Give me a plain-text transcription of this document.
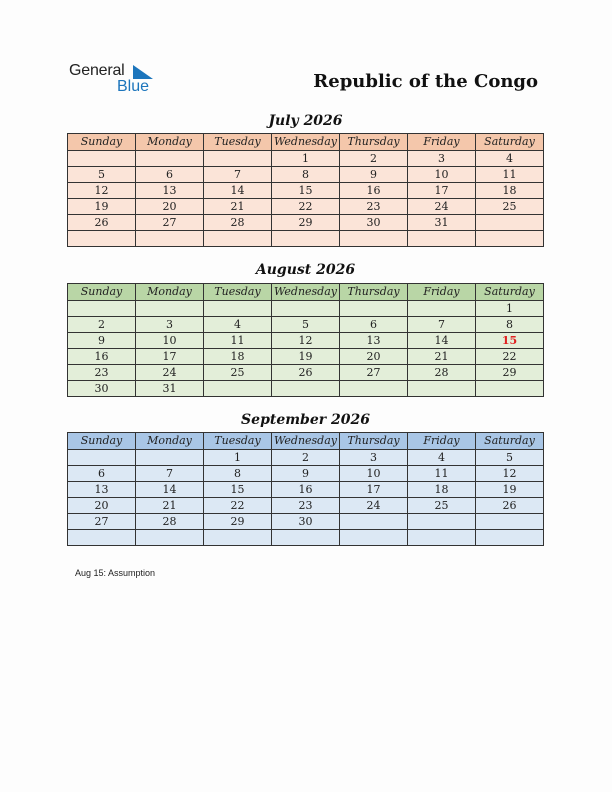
General
Blue	Republic of the Congo
July 2026
Sunday	Monday	Tuesday	Wednesday	Thursday	Friday	Saturday
			1	2	3	4
5	6	7	8	9	10	11
12	13	14	15	16	17	18
19	20	21	22	23	24	25
26	27	28	29	30	31	

August 2026
Sunday	Monday	Tuesday	Wednesday	Thursday	Friday	Saturday
						1
2	3	4	5	6	7	8
9	10	11	12	13	14	15
16	17	18	19	20	21	22
23	24	25	26	27	28	29
30	31					
September 2026
Sunday	Monday	Tuesday	Wednesday	Thursday	Friday	Saturday
		1	2	3	4	5
6	7	8	9	10	11	12
13	14	15	16	17	18	19
20	21	22	23	24	25	26
27	28	29	30			

Aug 15: Assumption
